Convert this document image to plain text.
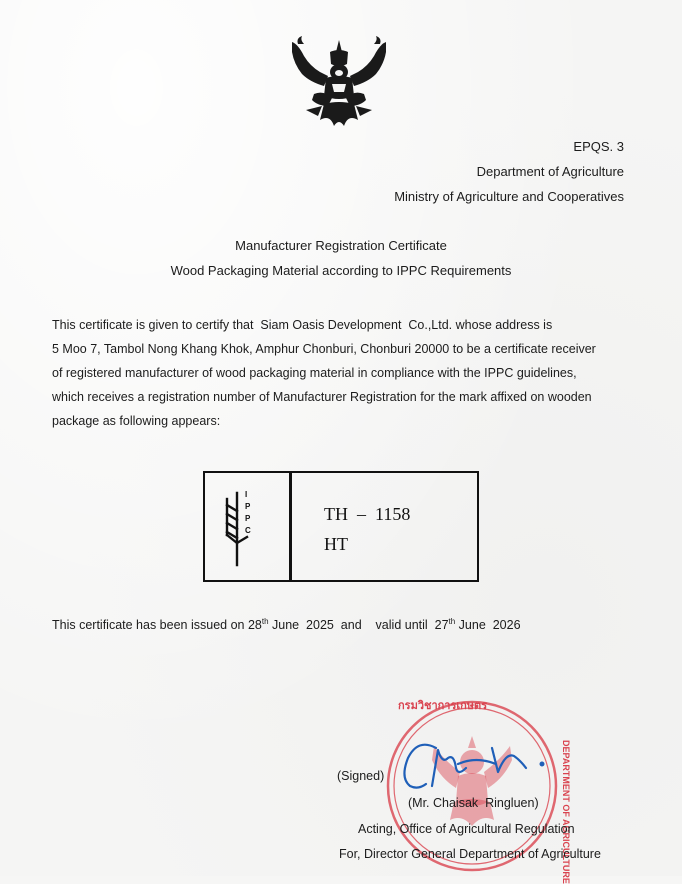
EPQS. 3
Department of Agriculture
Ministry of Agriculture and Cooperatives
Manufacturer Registration Certificate
Wood Packaging Material according to IPPC Requirements
This certificate is given to certify that  Siam Oasis Development  Co.,Ltd. whose address is
5 Moo 7, Tambol Nong Khang Khok, Amphur Chonburi, Chonburi 20000 to be a certificate receiver
of registered manufacturer of wood packaging material in compliance with the IPPC guidelines,
which receives a registration number of Manufacturer Registration for the mark affixed on wooden
package as following appears:
I
P
P
C
TH  –  1158
HT
This certificate has been issued on 28th June  2025  and    valid until  27th June  2026
กรมวิชาการเกษตร
DEPARTMENT OF AGRICULTURE
(Signed)
(Mr. Chaisak  Ringluen)
Acting, Office of Agricultural Regulation
For, Director General Department of Agriculture
